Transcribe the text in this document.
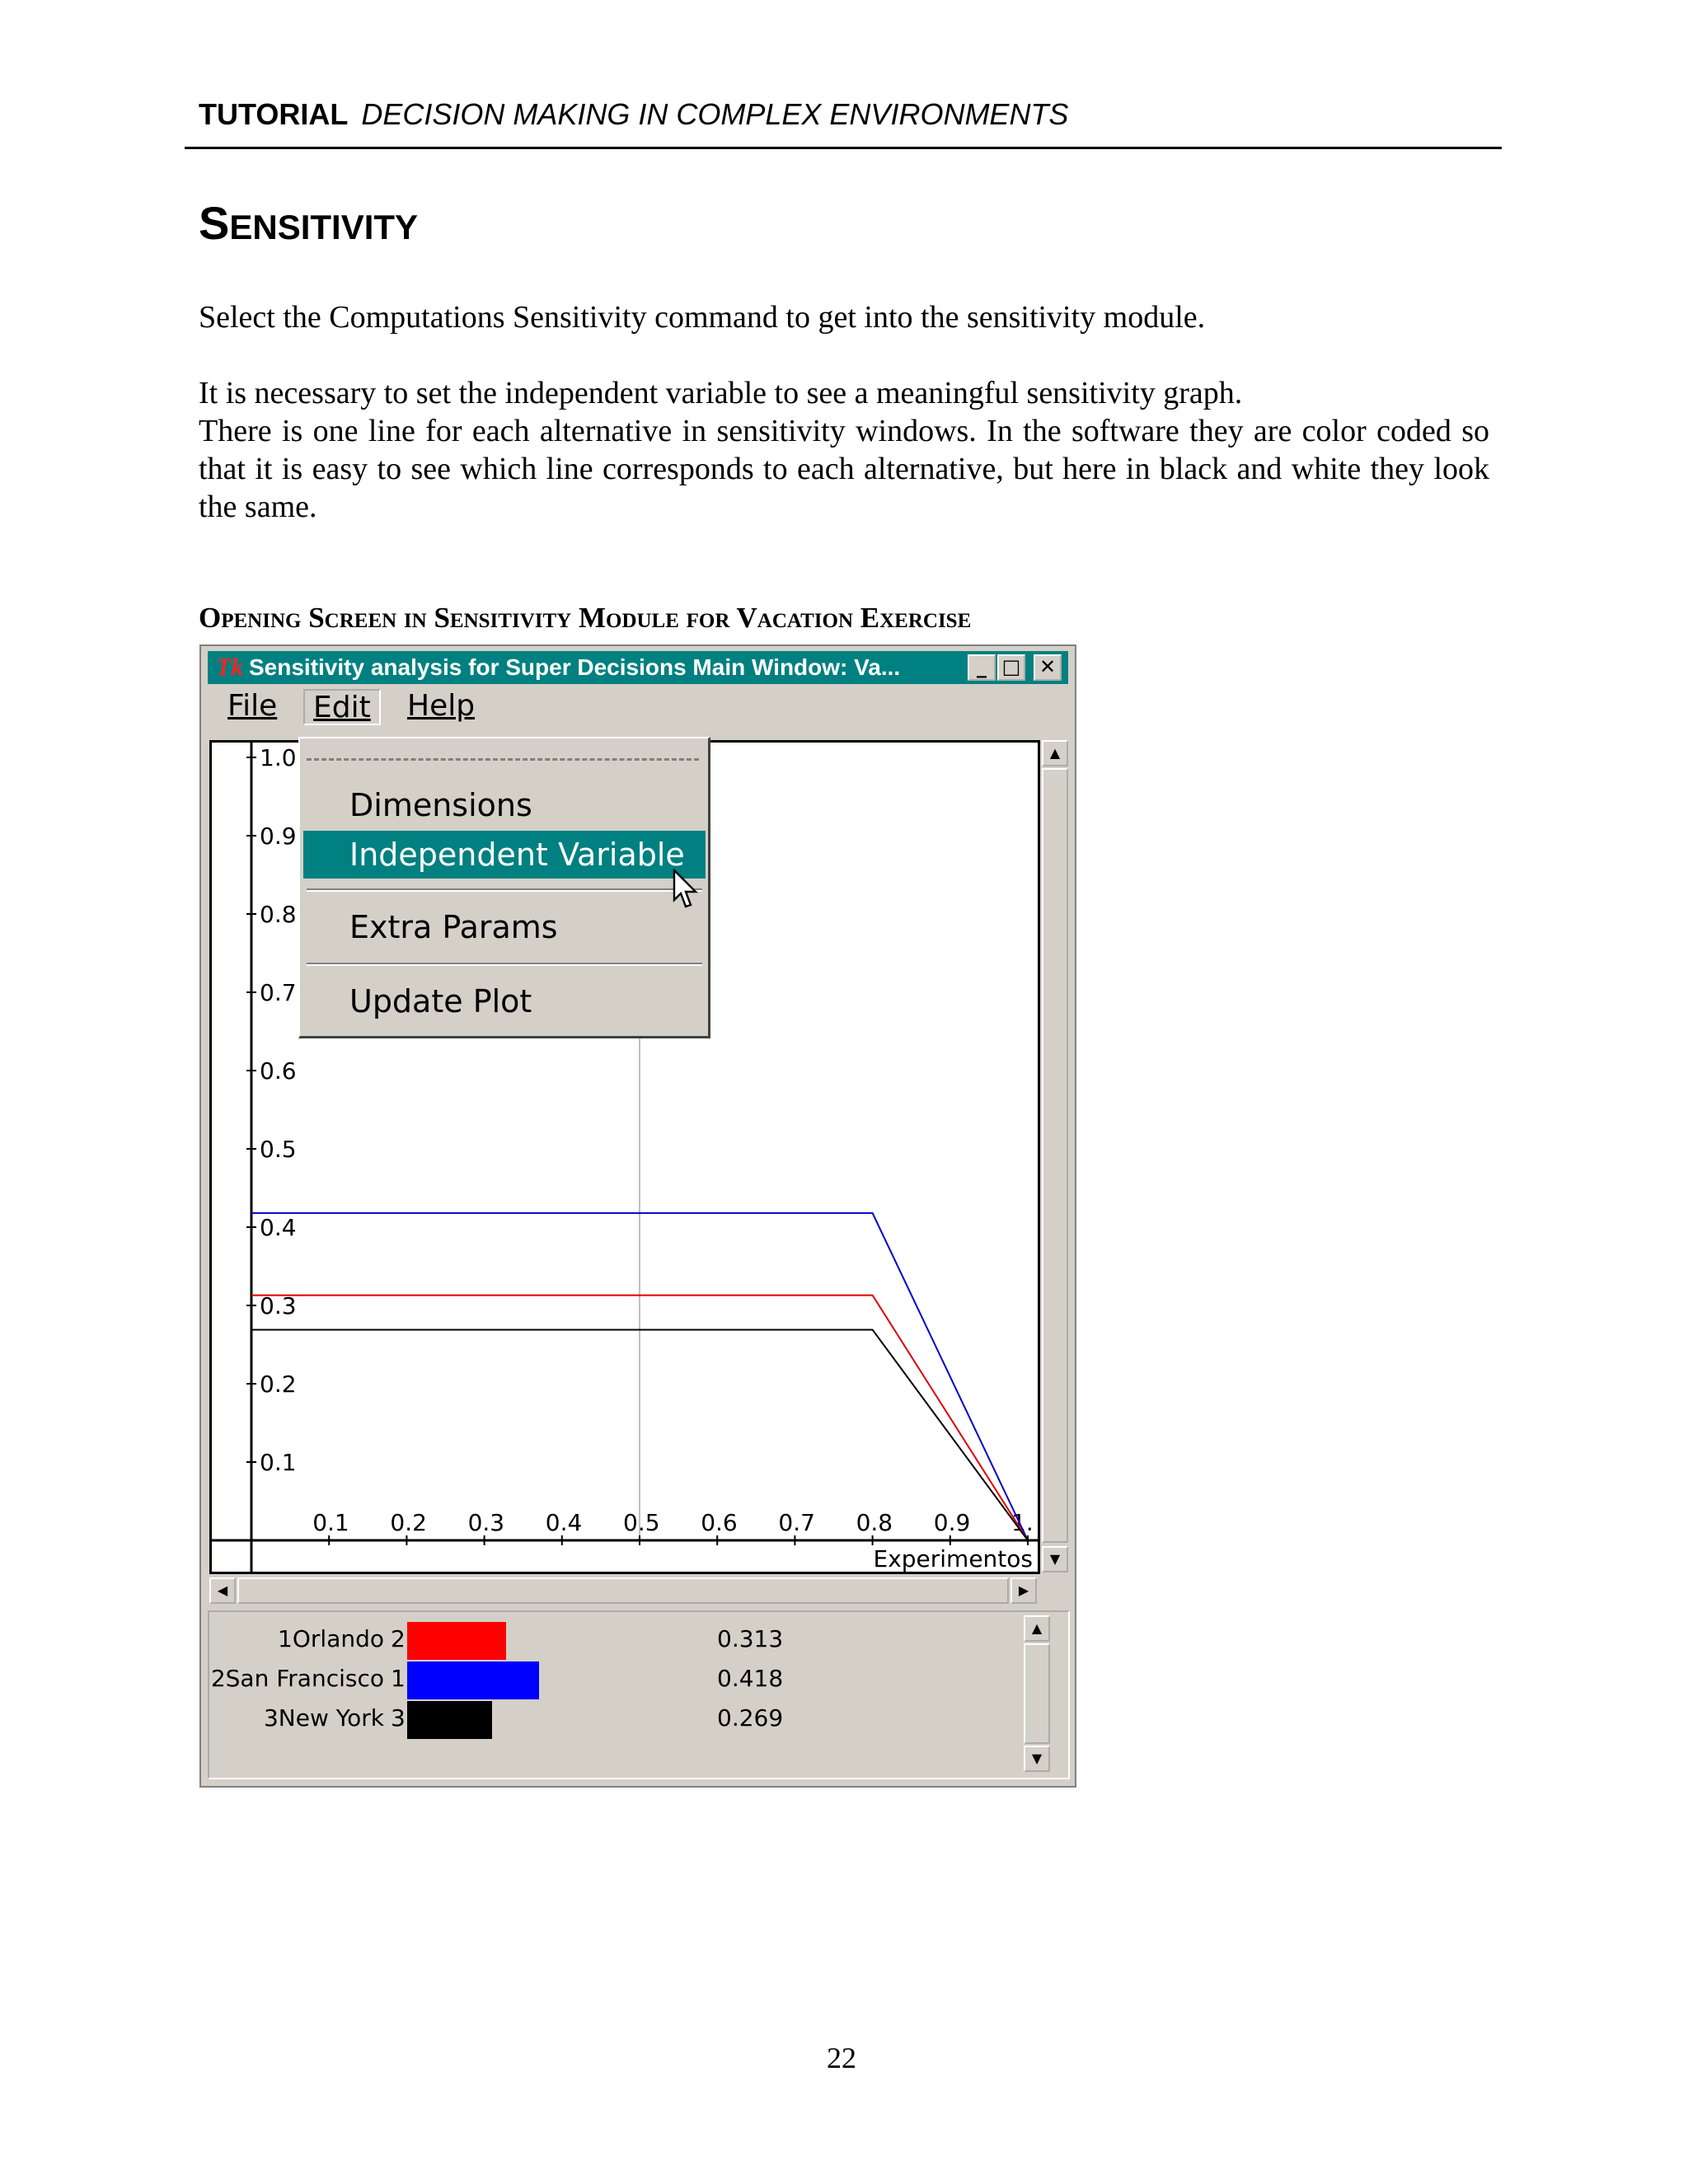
TUTORIAL DECISION MAKING IN COMPLEX ENVIRONMENTS
SENSITIVITY
Select the Computations Sensitivity command to get into the sensitivity module.
It is necessary to set the independent variable to see a meaningful sensitivity graph.
There is one line for each alternative in sensitivity windows. In the software they are color coded so that it is easy to see which line corresponds to each alternative, but here in black and white they look the same.
Opening Screen in Sensitivity Module for Vacation Exercise
Tk Sensitivity analysis for Super Decisions Main Window: Va...	_ □ ✕
File	Edit	Help
1.0
0.9
0.8
0.7
0.6
0.5
0.4
0.3
0.2
0.1
0.1 0.2 0.3 0.4 0.5 0.6 0.7 0.8 0.9 1.
Experimentos
▲
▼
◀	▶
1Orlando 2	0.313
2San Francisco 1	0.418
3New York 3	0.269
▲
▼
Dimensions
Independent Variable
Extra Params
Update Plot
22
